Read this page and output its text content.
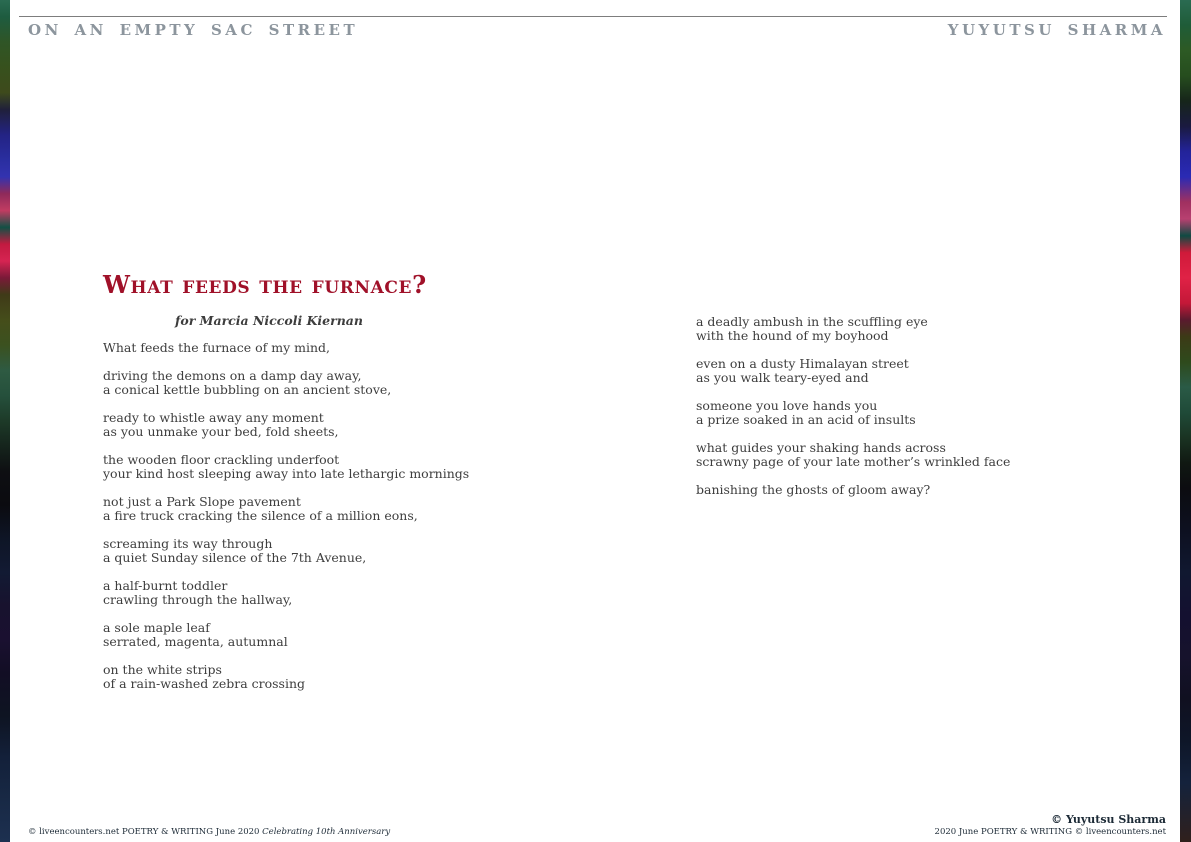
ON AN EMPTY SAC STREET	YUYUTSU SHARMA
What feeds the furnace?
for Marcia Niccoli Kiernan

What feeds the furnace of my mind,

driving the demons on a damp day away,
a conical kettle bubbling on an ancient stove,

ready to whistle away any moment
as you unmake your bed, fold sheets,

the wooden floor crackling underfoot
your kind host sleeping away into late lethargic mornings

not just a Park Slope pavement
a fire truck cracking the silence of a million eons,

screaming its way through
a quiet Sunday silence of the 7th Avenue,

a half-burnt toddler
crawling through the hallway,

a sole maple leaf
serrated, magenta, autumnal

on the white strips
of a rain-washed zebra crossing

a deadly ambush in the scuffling eye
with the hound of my boyhood

even on a dusty Himalayan street
as you walk teary-eyed and

someone you love hands you
a prize soaked in an acid of insults

what guides your shaking hands across
scrawny page of your late mother’s wrinkled face

banishing the ghosts of gloom away?

© liveencounters.net POETRY & WRITING June 2020 Celebrating 10th Anniversary
© Yuyutsu Sharma
2020 June POETRY & WRITING © liveencounters.net
